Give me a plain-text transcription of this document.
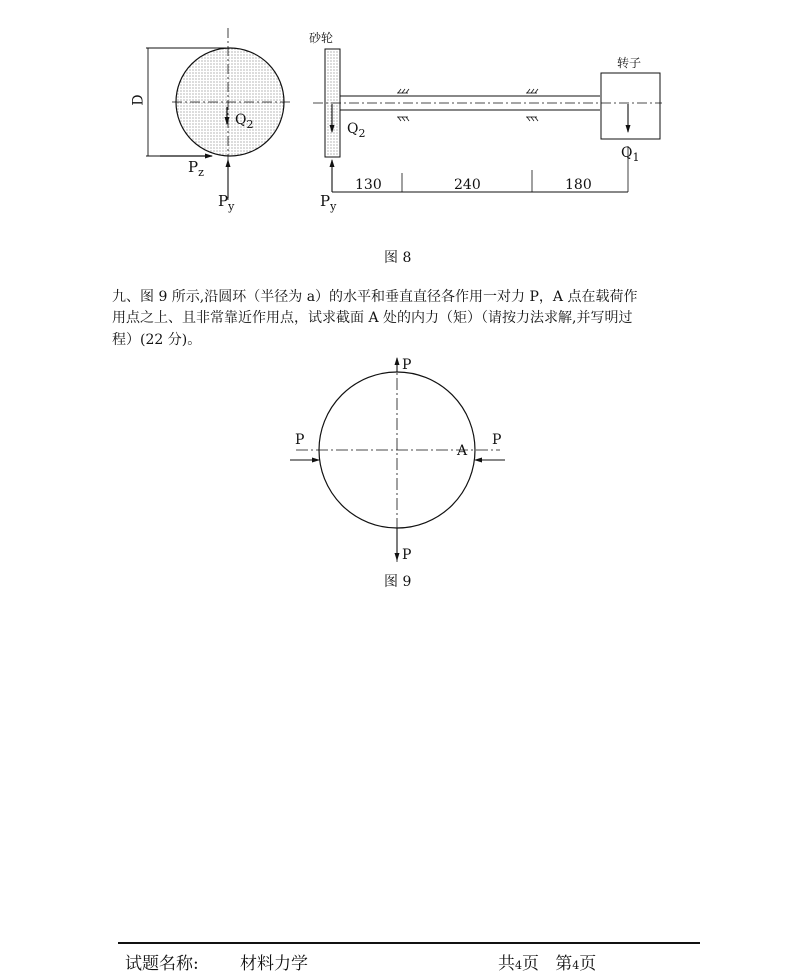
砂轮
转子
D
$Q_2$	$Q_2$
$P_z$
$P_y$	$P_y$
$Q_1$
130	240	180
图 8
九、图 9 所示,沿圆环（半径为 a）的水平和垂直直径各作用一对力 P，A 点在载荷作
用点之上、且非常靠近作用点，试求截面 A 处的内力（矩）（请按力法求解,并写明过
程）(22 分)。
P
P
P	P
A
图 9
试题名称: 材料力学	共4页 第4页
